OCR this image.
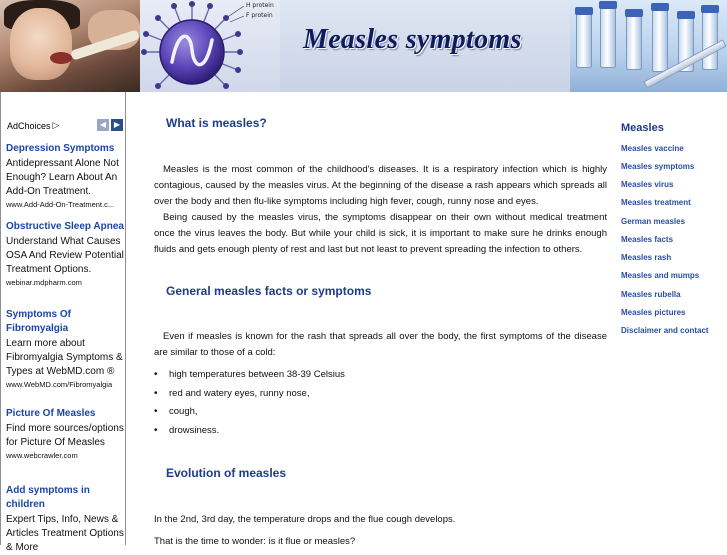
H protein
F protein
Measles symptoms
AdChoices ▷	◀ ▶
Depression Symptoms
Antidepressant Alone Not Enough? Learn About An Add-On Treatment.
www.Add-Add-On-Treatment.c...
Obstructive Sleep Apnea
Understand What Causes OSA And Review Potential Treatment Options.
webinar.mdpharm.com
Symptoms Of Fibromyalgia
Learn more about Fibromyalgia Symptoms & Types at WebMD.com ®
www.WebMD.com/Fibromyalgia
Picture Of Measles
Find more sources/options for Picture Of Measles
www.webcrawler.com
Add symptoms in children
Expert Tips, Info, News & Articles Treatment Options & More
What is measles?

Measles is the most common of the childhood's diseases. It is a respiratory infection which is highly contagious, caused by the measles virus. At the beginning of the disease a rash appears which spreads all over the body and then flu-like symptoms including high fever, cough, runny nose and eyes.

Being caused by the measles virus, the symptoms disappear on their own without medical treatment once the virus leaves the body. But while your child is sick, it is important to make sure he drinks enough fluids and gets enough plenty of rest and last but not least to prevent spreading the infection to others.

General measles facts or symptoms

Even if measles is known for the rash that spreads all over the body, the first symptoms of the disease are similar to those of a cold:

• high temperatures between 38-39 Celsius
• red and watery eyes, runny nose,
• cough,
• drowsiness.
Evolution of measles

In the 2nd, 3rd day, the temperature drops and the flue cough develops.

That is the time to wonder: is it flue or measles?

Measles
Measles vaccine
Measles symptoms
Measles virus
Measles treatment
German measles
Measles facts
Measles rash
Measles and mumps
Measles rubella
Measles pictures
Disclaimer and contact
